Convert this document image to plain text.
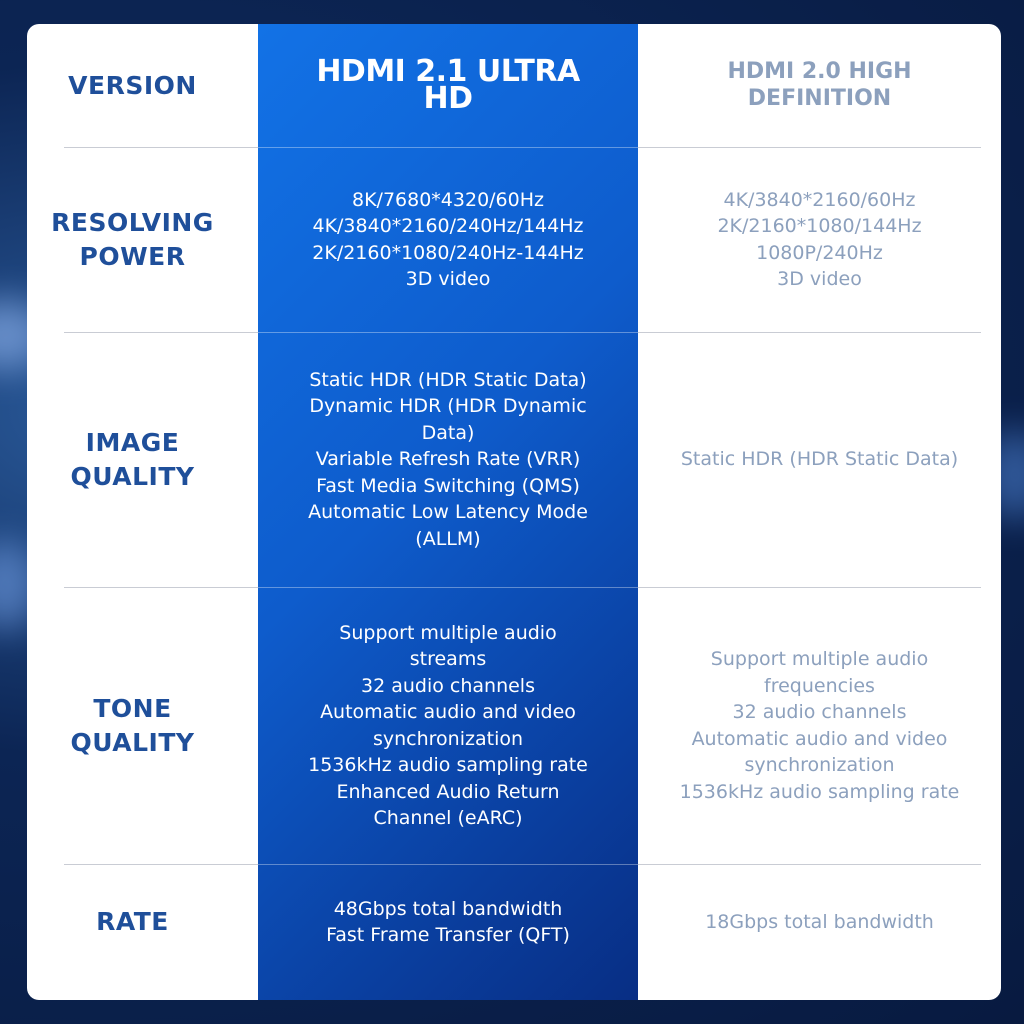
VERSION	HDMI 2.1 ULTRA HD
HDMI 2.0 HIGH DEFINITION
RESOLVING
POWER
8K/7680*4320/60Hz
4K/3840*2160/240Hz/144Hz
2K/2160*1080/240Hz-144Hz
3D video
4K/3840*2160/60Hz
2K/2160*1080/144Hz
1080P/240Hz
3D video
IMAGE
QUALITY
Static HDR (HDR Static Data)
Dynamic HDR (HDR Dynamic
Data)
Variable Refresh Rate (VRR)
Fast Media Switching (QMS)
Automatic Low Latency Mode
(ALLM)
Static HDR (HDR Static Data)
TONE
QUALITY
Support multiple audio
streams
32 audio channels
Automatic audio and video
synchronization
1536kHz audio sampling rate
Enhanced Audio Return
Channel (eARC)
Support multiple audio
frequencies
32 audio channels
Automatic audio and video
synchronization
1536kHz audio sampling rate
RATE	48Gbps total bandwidth
Fast Frame Transfer (QFT)
18Gbps total bandwidth
